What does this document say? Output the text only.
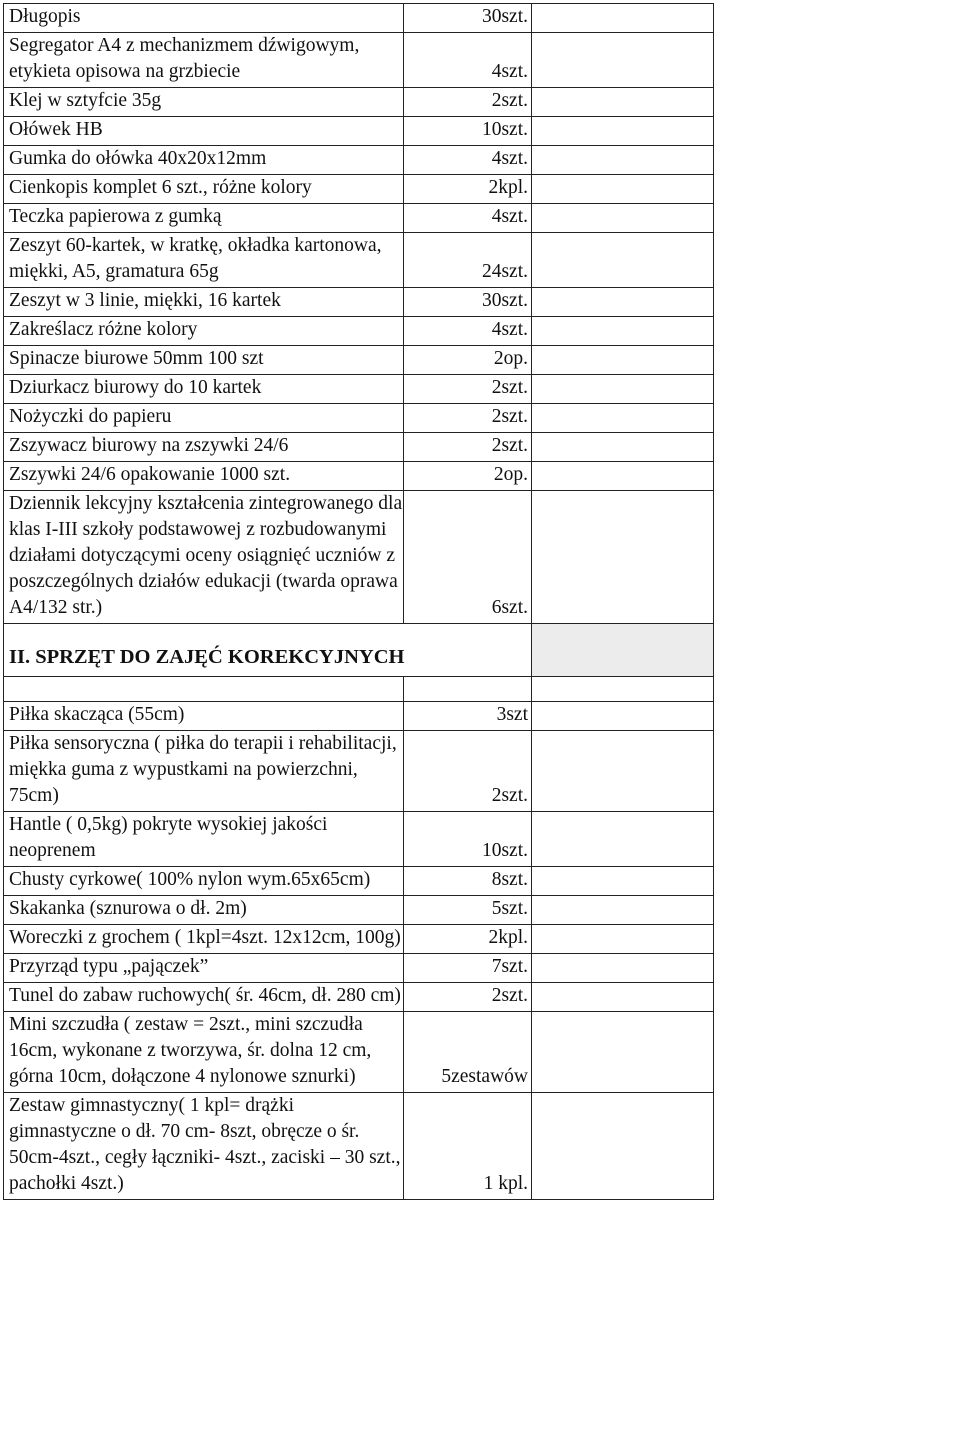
Długopis	30szt.	
Segregator A4 z mechanizmem dźwigowym, etykieta opisowa na grzbiecie	4szt.	
Klej w sztyfcie 35g	2szt.	
Ołówek HB	10szt.	
Gumka do ołówka 40x20x12mm	4szt.	
Cienkopis komplet 6 szt., różne kolory	2kpl.	
Teczka papierowa z gumką	4szt.	
Zeszyt 60-kartek, w kratkę, okładka kartonowa, miękki, A5, gramatura 65g	24szt.	
Zeszyt w 3 linie, miękki, 16 kartek	30szt.	
Zakreślacz różne kolory	4szt.	
Spinacze biurowe 50mm 100 szt	2op.	
Dziurkacz biurowy do 10 kartek	2szt.	
Nożyczki do papieru	2szt.	
Zszywacz biurowy na zszywki 24/6	2szt.	
Zszywki 24/6 opakowanie 1000 szt.	2op.	
Dziennik lekcyjny kształcenia zintegrowanego dla klas I-III szkoły podstawowej z rozbudowanymi działami dotyczącymi oceny osiągnięć uczniów z poszczególnych działów edukacji (twarda oprawa A4/132 str.)	6szt.	
II. SPRZĘT DO ZAJĘĆ KOREKCYJNYCH		

Piłka skacząca (55cm)	3szt	
Piłka sensoryczna ( piłka do terapii i rehabilitacji, miękka guma z wypustkami na powierzchni, 75cm)	2szt.	
Hantle ( 0,5kg) pokryte wysokiej jakości neoprenem	10szt.	
Chusty cyrkowe( 100% nylon wym.65x65cm)	8szt.	
Skakanka (sznurowa o dł. 2m)	5szt.	
Woreczki z grochem ( 1kpl=4szt. 12x12cm, 100g)	2kpl.	
Przyrząd typu „pajączek”	7szt.	
Tunel do zabaw ruchowych( śr. 46cm, dł. 280 cm)	2szt.	
Mini szczudła ( zestaw = 2szt., mini szczudła 16cm, wykonane z tworzywa, śr. dolna 12 cm, górna 10cm, dołączone 4 nylonowe sznurki)	5zestawów	
Zestaw gimnastyczny( 1 kpl= drążki gimnastyczne o dł. 70 cm- 8szt, obręcze o śr. 50cm-4szt., cegły łączniki- 4szt., zaciski – 30 szt., pachołki 4szt.)	1 kpl.	
